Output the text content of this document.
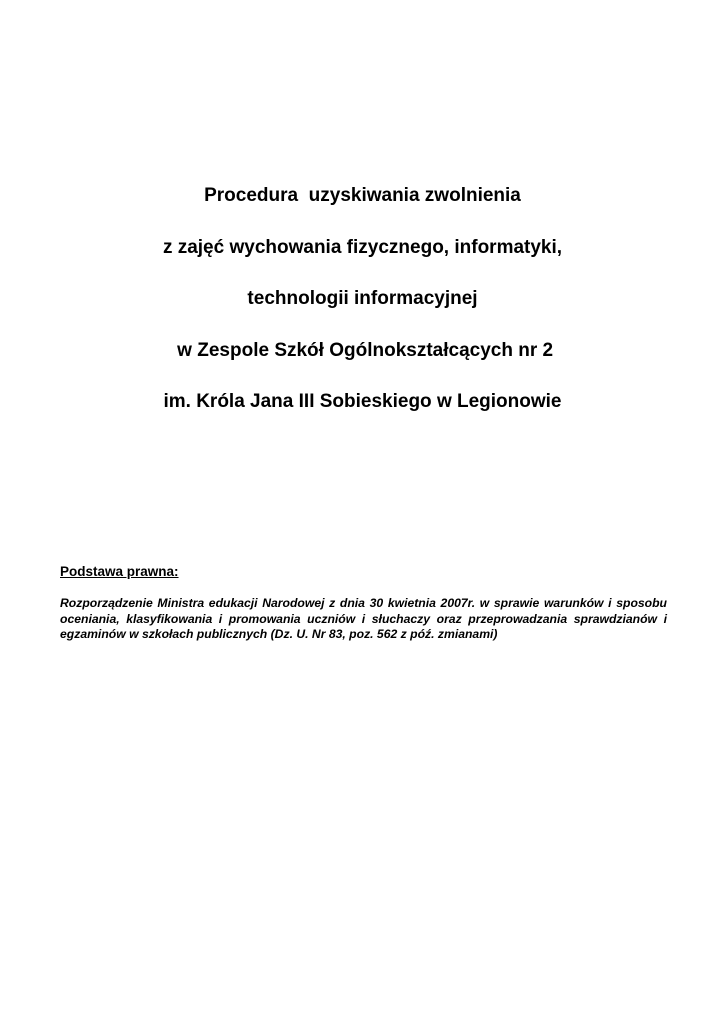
Procedura  uzyskiwania zwolnienia
z zajęć wychowania fizycznego, informatyki,
technologii informacyjnej
w Zespole Szkół Ogólnokształcących nr 2
im. Króla Jana III Sobieskiego w Legionowie
Podstawa prawna:
Rozporządzenie Ministra edukacji Narodowej z dnia 30 kwietnia 2007r. w sprawie warunków i sposobu oceniania, klasyfikowania i promowania uczniów i słuchaczy oraz przeprowadzania sprawdzianów i egzaminów w szkołach publicznych (Dz. U. Nr 83, poz. 562 z póź. zmianami)
